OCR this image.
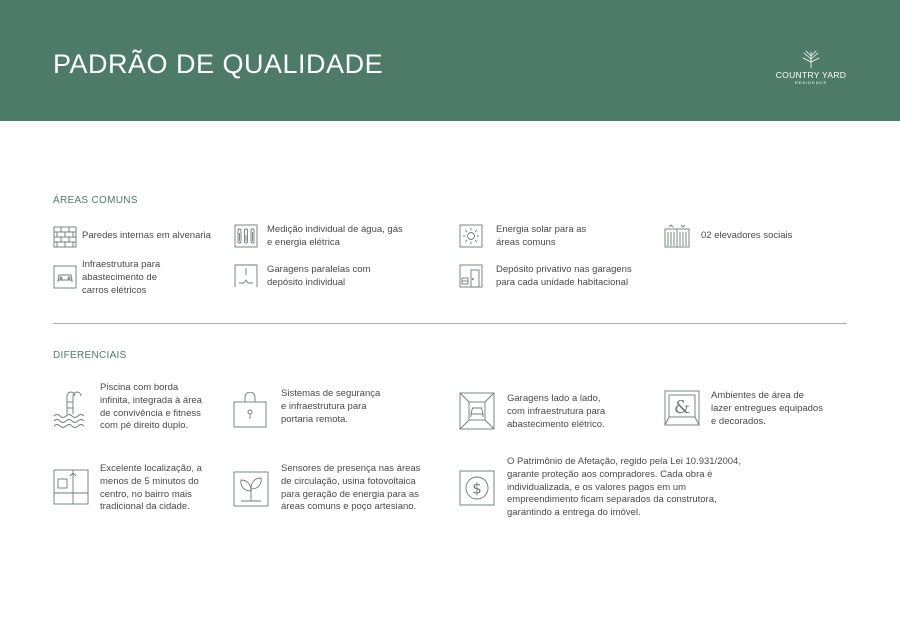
PADRÃO DE QUALIDADE	COUNTRY YARD
RESIDENCE
ÁREAS COMUNS
Paredes internas em alvenaria
Medição individual de água, gás
e energia elétrica
Energia solar para as
áreas comuns
02 elevadores sociais
Infraestrutura para
abastecimento de
carros elétricos
Garagens paralelas com
depósito individual
Depósito privativo nas garagens
para cada unidade habitacional
DIFERENCIAIS
Piscina com borda
infinita, integrada à área
de convivência e fitness
com pé direito duplo.
Sistemas de segurança
e infraestrutura para
portaria remota.
Garagens lado a lado,
com infraestrutura para
abastecimento elétrico.
&
Ambientes de área de
lazer entregues equipados
e decorados.
Excelente localização, a
menos de 5 minutos do
centro, no bairro mais
tradicional da cidade.
Sensores de presença nas áreas
de circulação, usina fotovoltaica
para geração de energia para as
áreas comuns e poço artesiano.
$
O Patrimônio de Afetação, regido pela Lei 10.931/2004,
garante proteção aos compradores. Cada obra é
individualizada, e os valores pagos em um
empreendimento ficam separados da construtora,
garantindo a entrega do imóvel.
